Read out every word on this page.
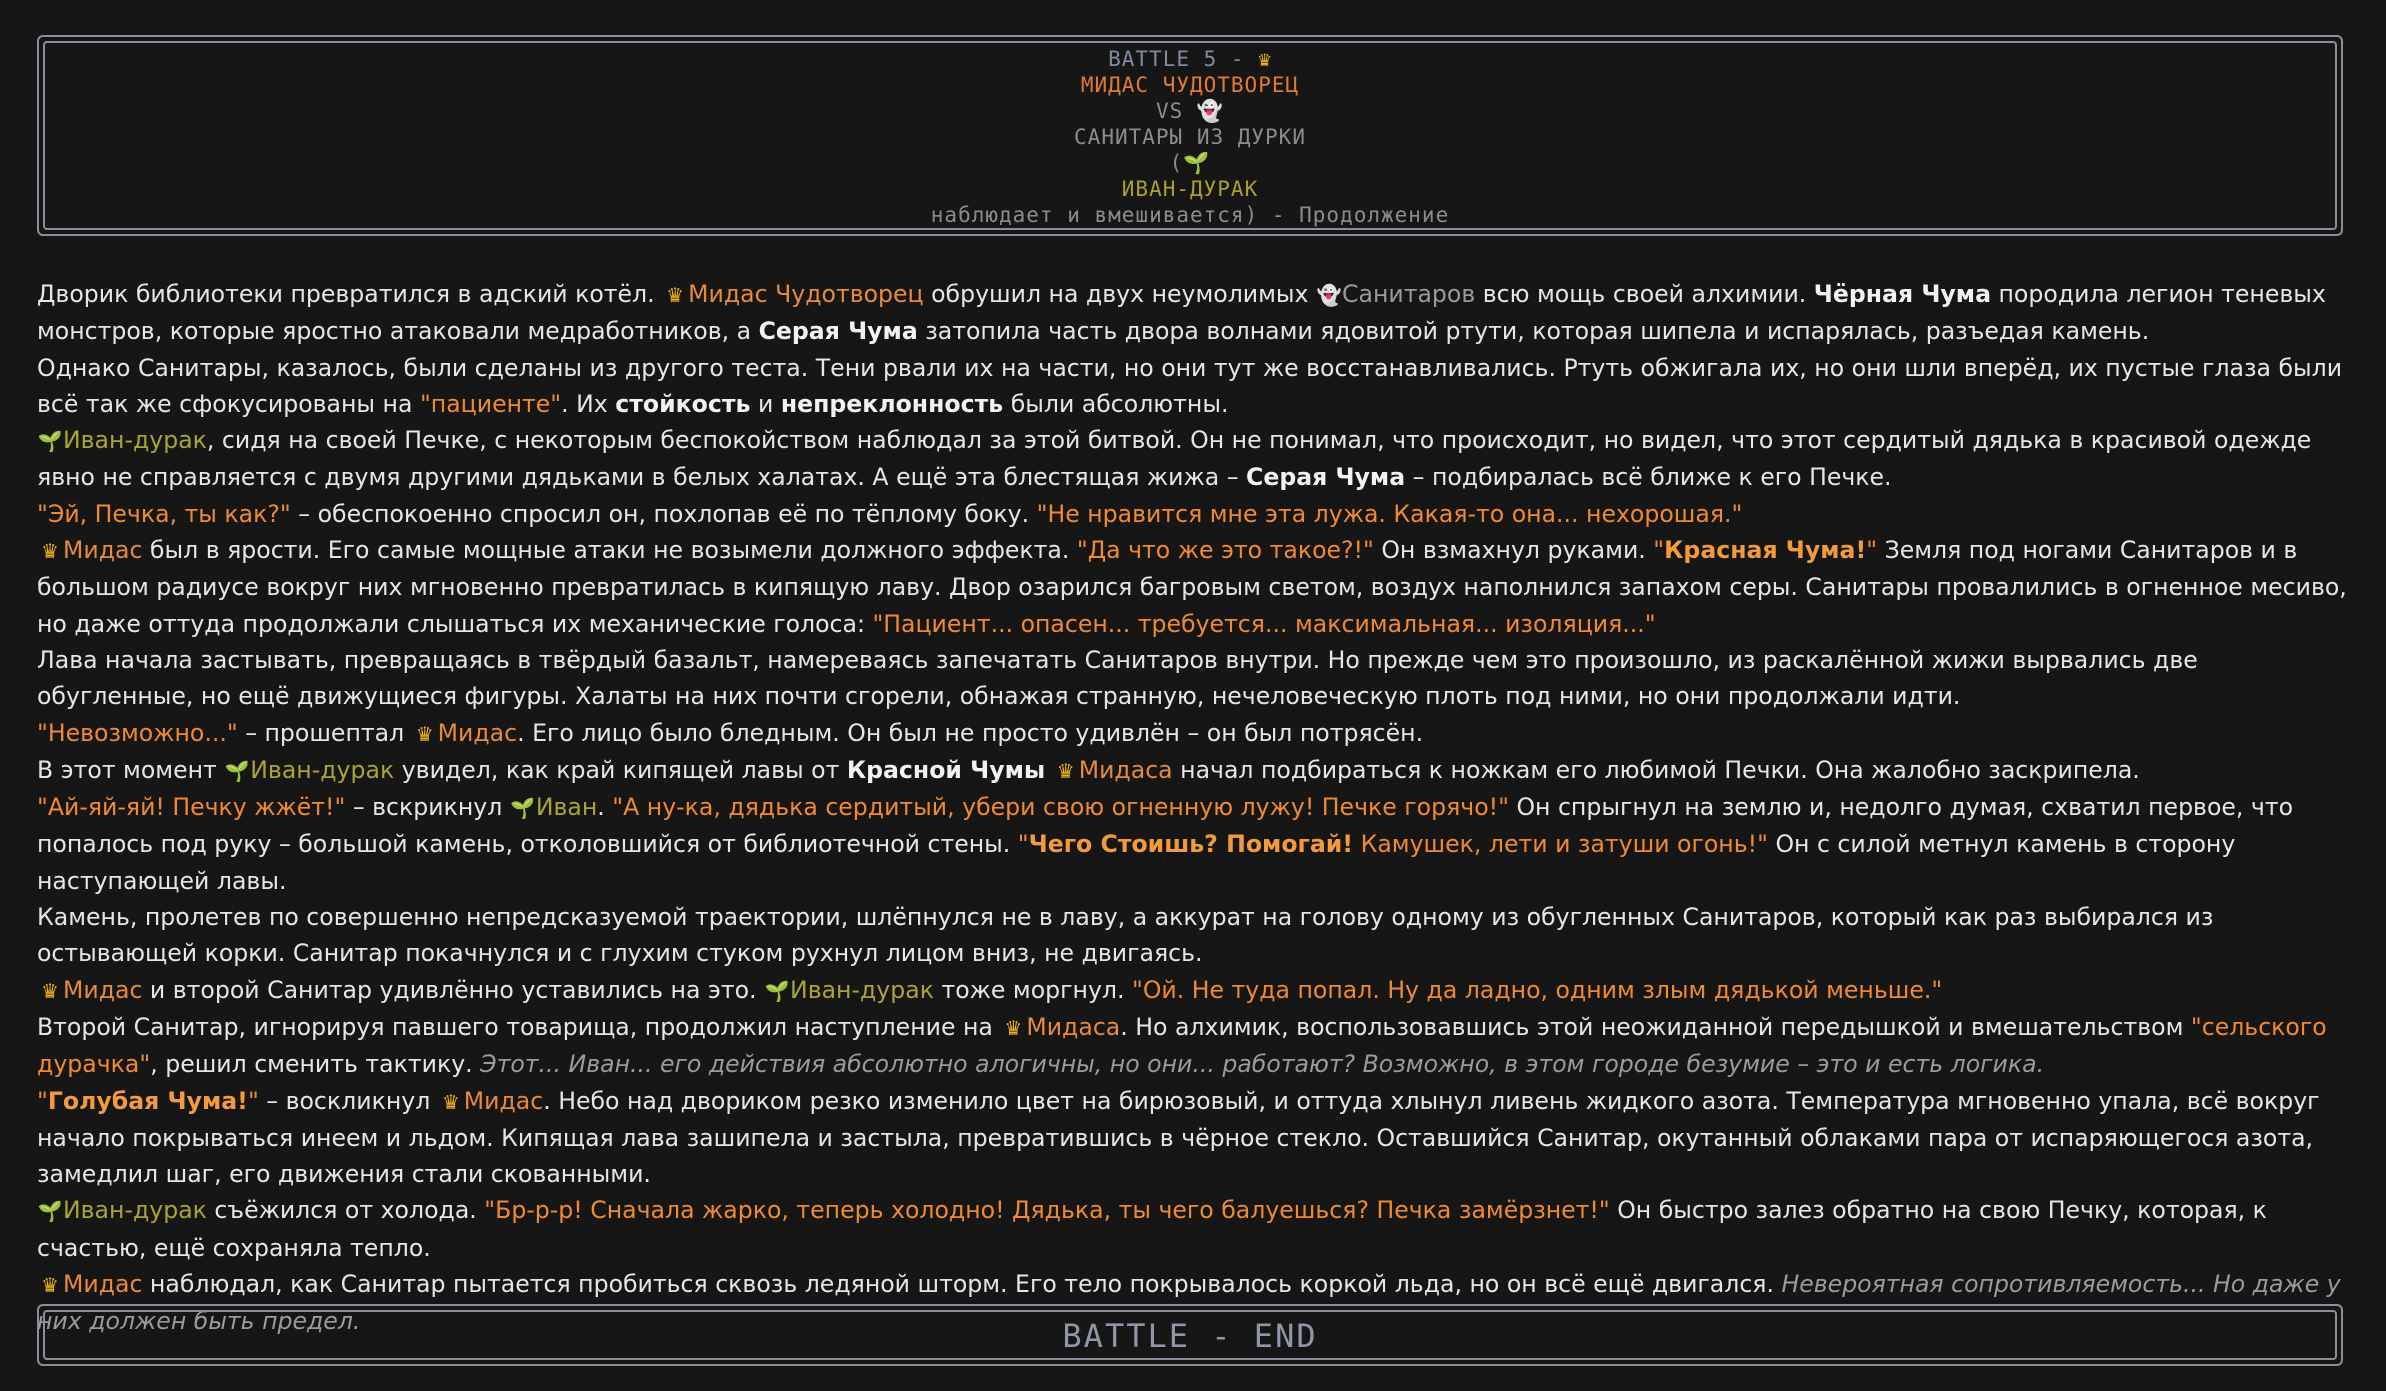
BATTLE 5 - ♛
МИДАС ЧУДОТВОРЕЦ
VS 👻
САНИТАРЫ ИЗ ДУРКИ
(🌱
ИВАН-ДУРАК
наблюдает и вмешивается) - Продолжение

Дворик библиотеки превратился в адский котёл. ♛ Мидас Чудотворец обрушил на двух неумолимых 👻Санитаров всю мощь своей алхимии. Чёрная Чума породила легион теневых монстров, которые яростно атаковали медработников, а Серая Чума затопила часть двора волнами ядовитой ртути, которая шипела и испарялась, разъедая камень.

Однако Санитары, казалось, были сделаны из другого теста. Тени рвали их на части, но они тут же восстанавливались. Ртуть обжигала их, но они шли вперёд, их пустые глаза были всё так же сфокусированы на "пациенте". Их стойкость и непреклонность были абсолютны.

🌱Иван-дурак, сидя на своей Печке, с некоторым беспокойством наблюдал за этой битвой. Он не понимал, что происходит, но видел, что этот сердитый дядька в красивой одежде явно не справляется с двумя другими дядьками в белых халатах. А ещё эта блестящая жижа – Серая Чума – подбиралась всё ближе к его Печке.

"Эй, Печка, ты как?" – обеспокоенно спросил он, похлопав её по тёплому боку. "Не нравится мне эта лужа. Какая-то она... нехорошая."

♛ Мидас был в ярости. Его самые мощные атаки не возымели должного эффекта. "Да что же это такое?!" Он взмахнул руками. "Красная Чума!" Земля под ногами Санитаров и в большом радиусе вокруг них мгновенно превратилась в кипящую лаву. Двор озарился багровым светом, воздух наполнился запахом серы. Санитары провалились в огненное месиво, но даже оттуда продолжали слышаться их механические голоса: "Пациент... опасен... требуется... максимальная... изоляция..."

Лава начала застывать, превращаясь в твёрдый базальт, намереваясь запечатать Санитаров внутри. Но прежде чем это произошло, из раскалённой жижи вырвались две обугленные, но ещё движущиеся фигуры. Халаты на них почти сгорели, обнажая странную, нечеловеческую плоть под ними, но они продолжали идти.

"Невозможно..." – прошептал ♛ Мидас. Его лицо было бледным. Он был не просто удивлён – он был потрясён.

В этот момент 🌱Иван-дурак увидел, как край кипящей лавы от Красной Чумы ♛ Мидаса начал подбираться к ножкам его любимой Печки. Она жалобно заскрипела.

"Ай-яй-яй! Печку жжёт!" – вскрикнул 🌱Иван. "А ну-ка, дядька сердитый, убери свою огненную лужу! Печке горячо!" Он спрыгнул на землю и, недолго думая, схватил первое, что попалось под руку – большой камень, отколовшийся от библиотечной стены. "Чего Стоишь? Помогай! Камушек, лети и затуши огонь!" Он с силой метнул камень в сторону наступающей лавы.

Камень, пролетев по совершенно непредсказуемой траектории, шлёпнулся не в лаву, а аккурат на голову одному из обугленных Санитаров, который как раз выбирался из остывающей корки. Санитар покачнулся и с глухим стуком рухнул лицом вниз, не двигаясь.

♛ Мидас и второй Санитар удивлённо уставились на это. 🌱Иван-дурак тоже моргнул. "Ой. Не туда попал. Ну да ладно, одним злым дядькой меньше."

Второй Санитар, игнорируя павшего товарища, продолжил наступление на ♛ Мидаса. Но алхимик, воспользовавшись этой неожиданной передышкой и вмешательством "сельского дурачка", решил сменить тактику. Этот... Иван... его действия абсолютно алогичны, но они... работают? Возможно, в этом городе безумие – это и есть логика.

"Голубая Чума!" – воскликнул ♛ Мидас. Небо над двориком резко изменило цвет на бирюзовый, и оттуда хлынул ливень жидкого азота. Температура мгновенно упала, всё вокруг начало покрываться инеем и льдом. Кипящая лава зашипела и застыла, превратившись в чёрное стекло. Оставшийся Санитар, окутанный облаками пара от испаряющегося азота, замедлил шаг, его движения стали скованными.

🌱Иван-дурак съёжился от холода. "Бр-р-р! Сначала жарко, теперь холодно! Дядька, ты чего балуешься? Печка замёрзнет!" Он быстро залез обратно на свою Печку, которая, к счастью, ещё сохраняла тепло.

♛ Мидас наблюдал, как Санитар пытается пробиться сквозь ледяной шторм. Его тело покрывалось коркой льда, но он всё ещё двигался. Невероятная сопротивляемость... Но даже у них должен быть предел.	BATTLE - END
